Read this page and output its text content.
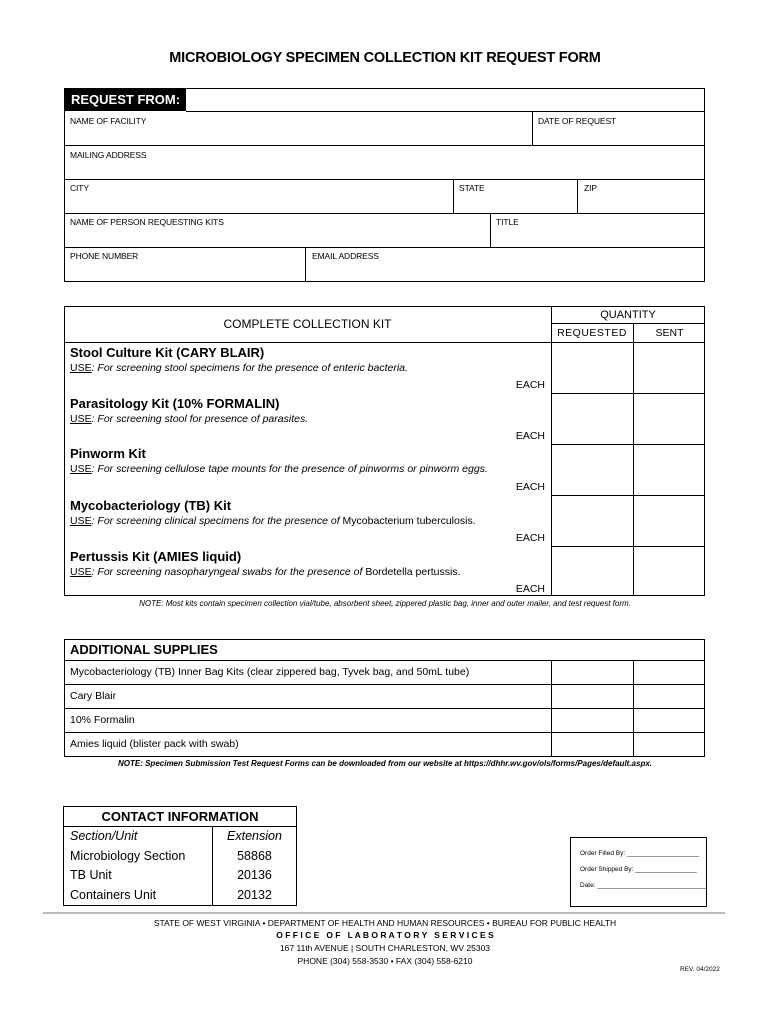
MICROBIOLOGY SPECIMEN COLLECTION KIT REQUEST FORM
REQUEST FROM:
NAME OF FACILITY	DATE OF REQUEST
MAILING ADDRESS
CITY	STATE	ZIP
NAME OF PERSON REQUESTING KITS	TITLE
PHONE NUMBER	EMAIL ADDRESS
COMPLETE COLLECTION KIT
QUANTITY
REQUESTED	SENT
Stool Culture Kit (CARY BLAIR)
USE: For screening stool specimens for the presence of enteric bacteria.
EACH
Parasitology Kit (10% FORMALIN)
USE: For screening stool for presence of parasites.
EACH
Pinworm Kit
USE: For screening cellulose tape mounts for the presence of pinworms or pinworm eggs.
EACH
Mycobacteriology (TB) Kit
USE: For screening clinical specimens for the presence of Mycobacterium tuberculosis.
EACH
Pertussis Kit (AMIES liquid)
USE: For screening nasopharyngeal swabs for the presence of Bordetella pertussis.
EACH
NOTE: Most kits contain specimen collection vial/tube, absorbent sheet, zippered plastic bag, inner and outer mailer, and test request form.
ADDITIONAL SUPPLIES
Mycobacteriology (TB) Inner Bag Kits (clear zippered bag, Tyvek bag, and 50mL tube)
Cary Blair
10% Formalin
Amies liquid (blister pack with swab)
NOTE: Specimen Submission Test Request Forms can be downloaded from our website at https://dhhr.wv.gov/ols/forms/Pages/default.aspx.
CONTACT INFORMATION
Section/Unit	Extension
Microbiology Section	58868
TB Unit	20136
Containers Unit	20132
Order Filled By: ____________________
Order Shipped By: _________________
Date: ______________________________
STATE OF WEST VIRGINIA • DEPARTMENT OF HEALTH AND HUMAN RESOURCES • BUREAU FOR PUBLIC HEALTH
O F F I C E   O F   L A B O R A T O R Y   S E R V I C E S
167 11th AVENUE | SOUTH CHARLESTON, WV 25303
PHONE (304) 558-3530 • FAX (304) 558-6210
REV. 04/2022
